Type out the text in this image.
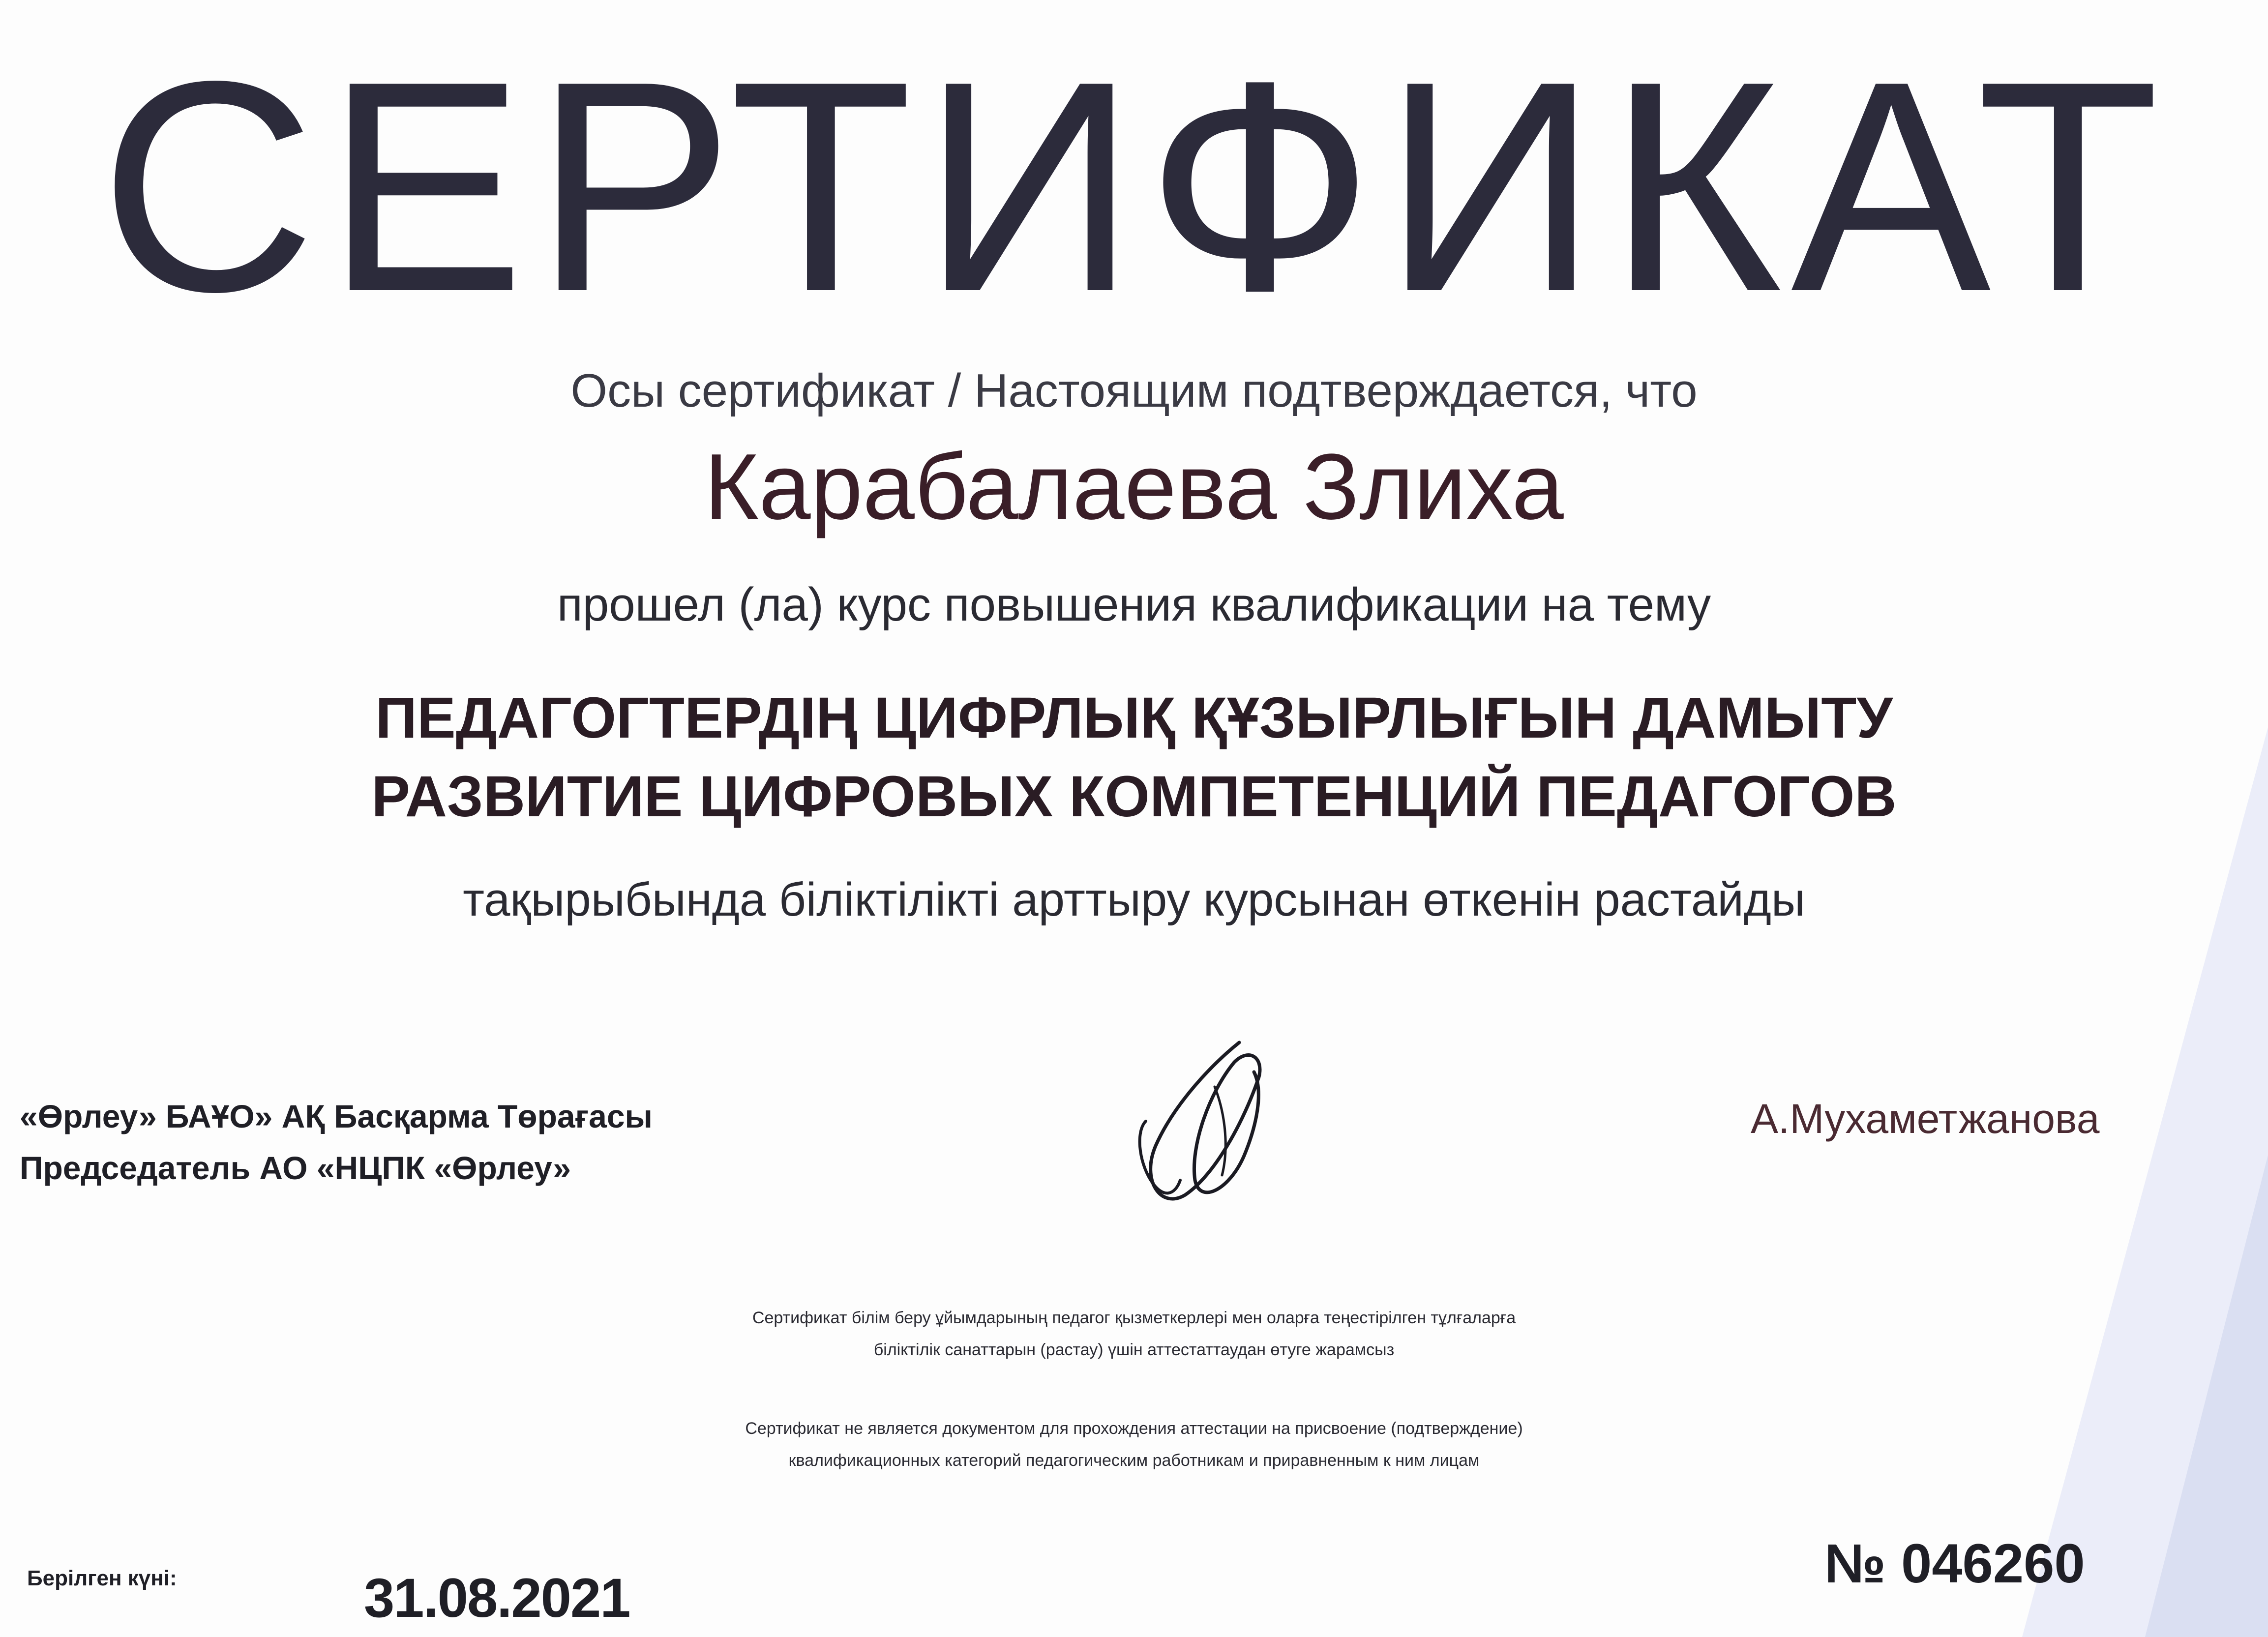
СЕРТИФИКАТ
Осы сертификат / Настоящим подтверждается, что
Карабалаева Злиха
прошел (ла) курс повышения квалификации на тему
ПЕДАГОГТЕРДІҢ ЦИФРЛЫҚ ҚҰЗЫРЛЫҒЫН ДАМЫТУ
РАЗВИТИЕ ЦИФРОВЫХ КОМПЕТЕНЦИЙ ПЕДАГОГОВ
тақырыбында біліктілікті арттыру курсынан өткенін растайды
«Өрлеу» БАҰО» АҚ Басқарма Төрағасы
Председатель АО «НЦПК «Өрлеу»
А.Мухаметжанова
Сертификат білім беру ұйымдарының педагог қызметкерлері мен оларға теңестірілген тұлғаларға
біліктілік санаттарын (растау) үшін аттестаттаудан өтуге жарамсыз
Сертификат не является документом для прохождения аттестации на присвоение (подтверждение)
квалификационных категорий педагогическим работникам и приравненным к ним лицам
Берілген күні:	31.08.2021
№ 046260
